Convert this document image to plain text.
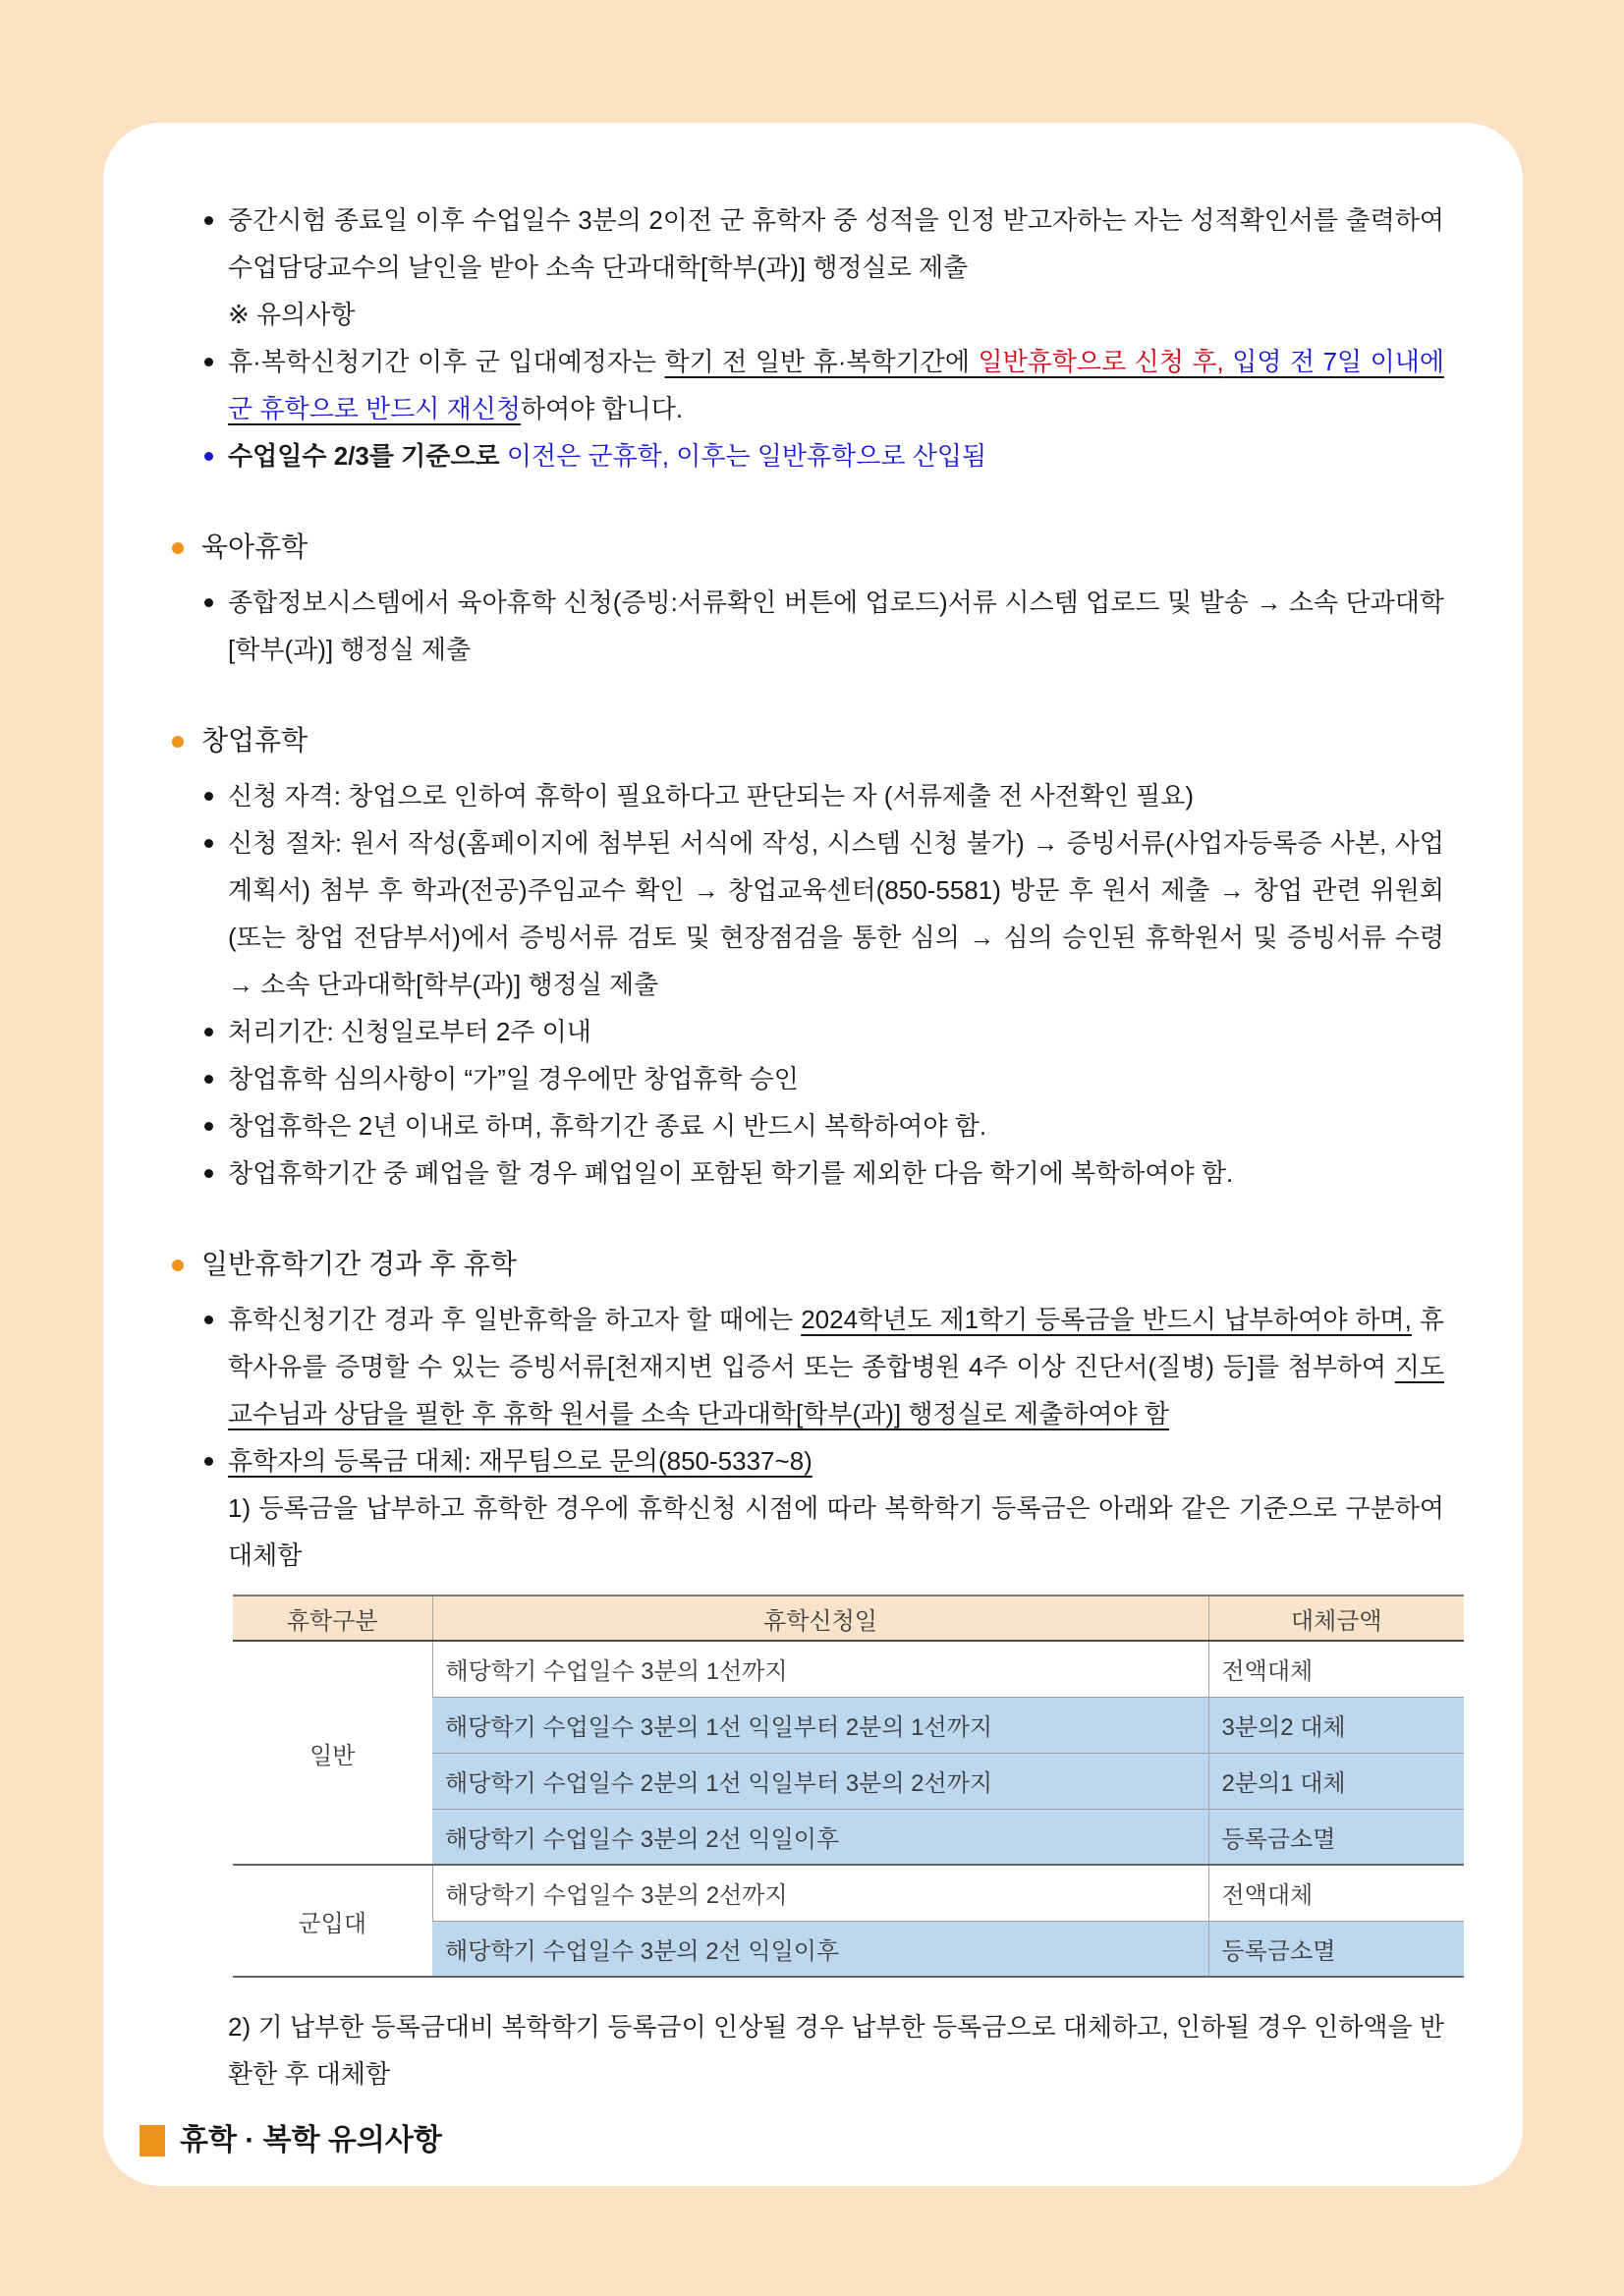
중간시험 종료일 이후 수업일수 3분의 2이전 군 휴학자 중 성적을 인정 받고자하는 자는 성적확인서를 출력하여 수업담당교수의 날인을 받아 소속 단과대학[학부(과)] 행정실로 제출
※ 유의사항
휴·복학신청기간 이후 군 입대예정자는 학기 전 일반 휴·복학기간에 일반휴학으로 신청 후, 입영 전 7일 이내에 군 휴학으로 반드시 재신청하여야 합니다.
수업일수 2/3를 기준으로 이전은 군휴학, 이후는 일반휴학으로 산입됨
육아휴학
종합정보시스템에서 육아휴학 신청(증빙:서류확인 버튼에 업로드)서류 시스템 업로드 및 발송 → 소속 단과대학[학부(과)] 행정실 제출
창업휴학
신청 자격: 창업으로 인하여 휴학이 필요하다고 판단되는 자 (서류제출 전 사전확인 필요)
신청 절차: 원서 작성(홈페이지에 첨부된 서식에 작성, 시스템 신청 불가) → 증빙서류(사업자등록증 사본, 사업계획서) 첨부 후 학과(전공)주임교수 확인 → 창업교육센터(850-5581) 방문 후 원서 제출 → 창업 관련 위원회(또는 창업 전담부서)에서 증빙서류 검토 및 현장점검을 통한 심의 → 심의 승인된 휴학원서 및 증빙서류 수령 → 소속 단과대학[학부(과)] 행정실 제출
처리기간: 신청일로부터 2주 이내
창업휴학 심의사항이 “가”일 경우에만 창업휴학 승인
창업휴학은 2년 이내로 하며, 휴학기간 종료 시 반드시 복학하여야 함.
창업휴학기간 중 폐업을 할 경우 폐업일이 포함된 학기를 제외한 다음 학기에 복학하여야 함.
일반휴학기간 경과 후 휴학
휴학신청기간 경과 후 일반휴학을 하고자 할 때에는 2024학년도 제1학기 등록금을 반드시 납부하여야 하며, 휴학사유를 증명할 수 있는 증빙서류[천재지변 입증서 또는 종합병원 4주 이상 진단서(질병) 등]를 첨부하여 지도교수님과 상담을 필한 후 휴학 원서를 소속 단과대학[학부(과)] 행정실로 제출하여야 함
휴학자의 등록금 대체: 재무팀으로 문의(850-5337~8)
1) 등록금을 납부하고 휴학한 경우에 휴학신청 시점에 따라 복학학기 등록금은 아래와 같은 기준으로 구분하여 대체함
휴학구분	휴학신청일	대체금액
일반	해당학기 수업일수 3분의 1선까지	전액대체
	해당학기 수업일수 3분의 1선 익일부터 2분의 1선까지	3분의2 대체
	해당학기 수업일수 2분의 1선 익일부터 3분의 2선까지	2분의1 대체
	해당학기 수업일수 3분의 2선 익일이후	등록금소멸
군입대	해당학기 수업일수 3분의 2선까지	전액대체
	해당학기 수업일수 3분의 2선 익일이후	등록금소멸
2) 기 납부한 등록금대비 복학학기 등록금이 인상될 경우 납부한 등록금으로 대체하고, 인하될 경우 인하액을 반환한 후 대체함
휴학 · 복학 유의사항
